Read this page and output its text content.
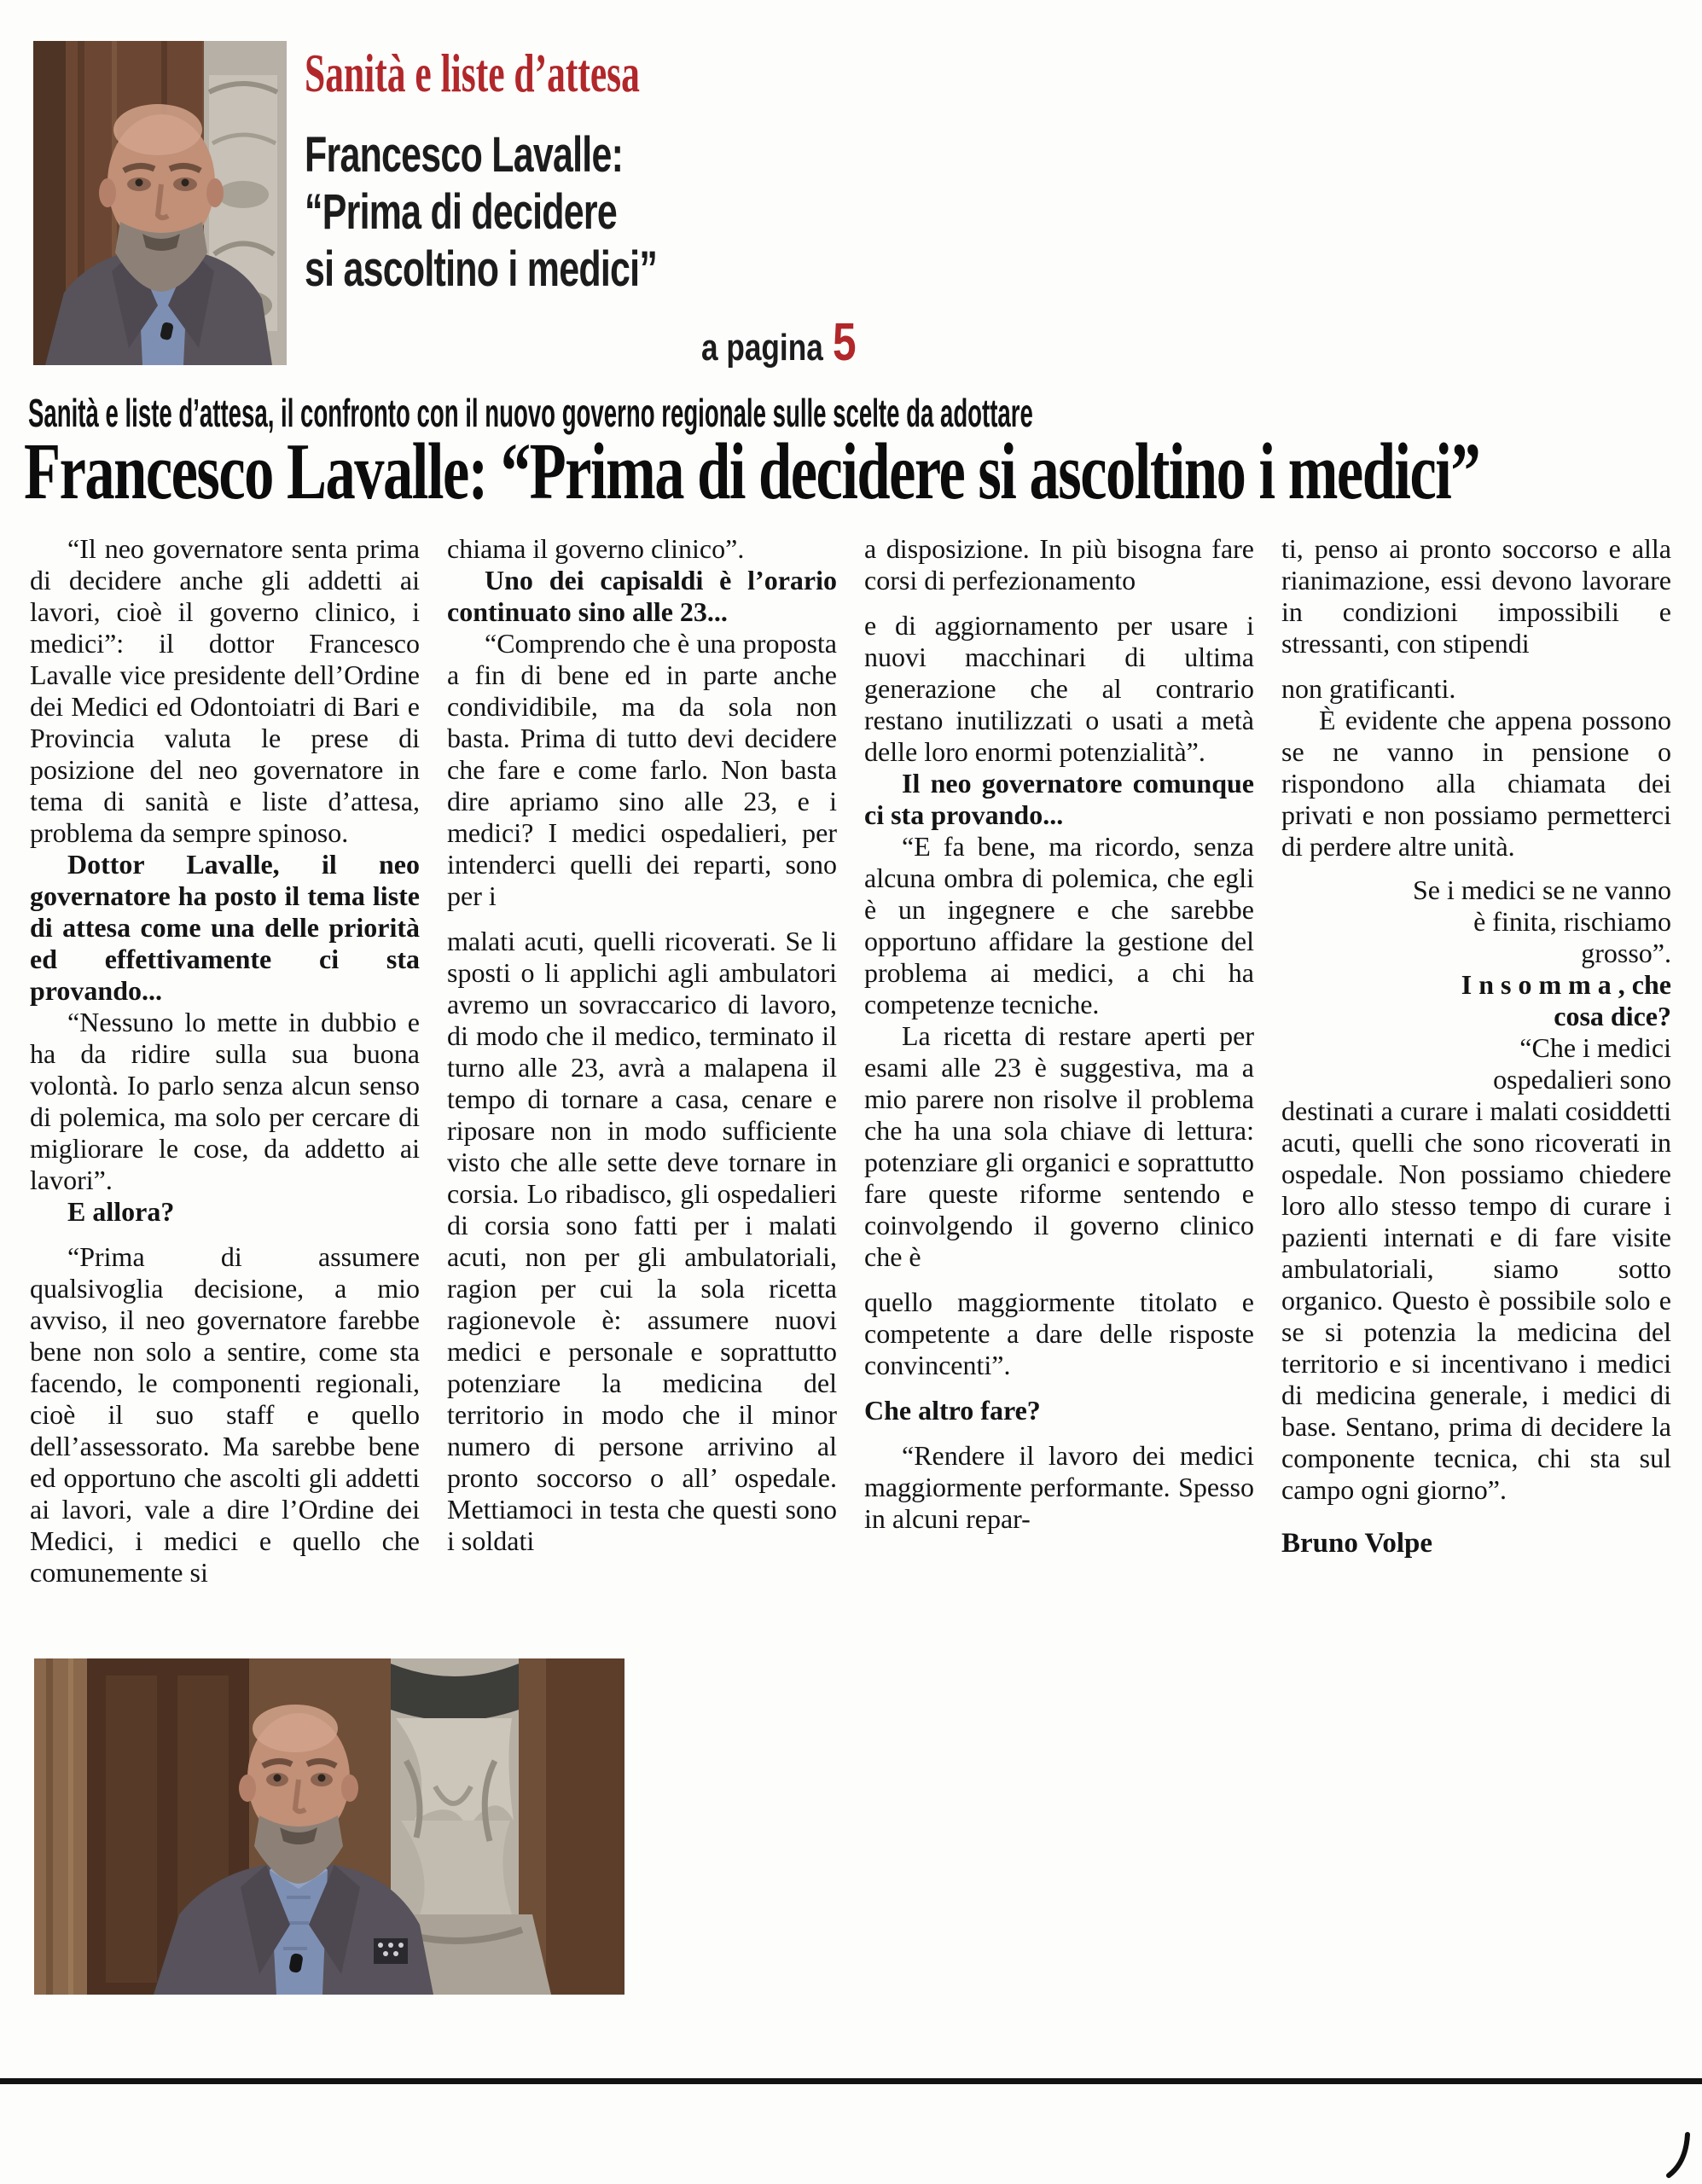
Sanità e liste d’attesa
Francesco Lavalle:
“Prima di decidere
si ascoltino i medici”
a pagina 5
Sanità e liste d’attesa, il confronto con il nuovo governo regionale sulle scelte da adottare
Francesco Lavalle: “Prima di decidere si ascoltino i medici”

“Il neo governatore senta prima di decidere anche gli addetti ai lavori, cioè il governo clinico, i medici”: il dottor Francesco Lavalle vice presidente dell’Ordine dei Medici ed Odontoiatri di Bari e Provincia valuta le prese di posizione del neo governatore in tema di sanità e liste d’attesa, problema da sempre spinoso.

Dottor Lavalle, il neo governatore ha posto il tema liste di attesa come una delle priorità ed effettivamente ci sta provando...

“Nessuno lo mette in dubbio e ha da ridire sulla sua buona volontà. Io parlo senza alcun senso di polemica, ma solo per cercare di migliorare le cose, da addetto ai lavori”.

E allora?

“Prima di assumere qualsivoglia decisione, a mio avviso, il neo governatore farebbe bene non solo a sentire, come sta facendo, le componenti regionali, cioè il suo staff e quello dell’assessorato. Ma sarebbe bene ed opportuno che ascolti gli addetti ai lavori, vale a dire l’Ordine dei Medici, i medici e quello che comunemente si

chiama il governo clinico”.

Uno dei capisaldi è l’orario continuato sino alle 23...

“Comprendo che è una proposta a fin di bene ed in parte anche condividibile, ma da sola non basta. Prima di tutto devi decidere che fare e come farlo. Non basta dire apriamo sino alle 23, e i medici? I medici ospedalieri, per intenderci quelli dei reparti, sono per i

malati acuti, quelli ricoverati. Se li sposti o li applichi agli ambulatori avremo un sovraccarico di lavoro, di modo che il medico, terminato il turno alle 23, avrà a malapena il tempo di tornare a casa, cenare e riposare non in modo sufficiente visto che alle sette deve tornare in corsia. Lo ribadisco, gli ospedalieri di corsia sono fatti per i malati acuti, non per gli ambulatoriali, ragion per cui la sola ricetta ragionevole è: assumere nuovi medici e personale e soprattutto potenziare la medicina del territorio in modo che il minor numero di persone arrivino al pronto soccorso o all’ ospedale. Mettiamoci in testa che questi sono i soldati

a disposizione. In più bisogna fare corsi di perfezionamento

e di aggiornamento per usare i nuovi macchinari di ultima generazione che al contrario restano inutilizzati o usati a metà delle loro enormi potenzialità”.

Il neo governatore comunque ci sta provando...

“E fa bene, ma ricordo, senza alcuna ombra di polemica, che egli è un ingegnere e che sarebbe opportuno affidare la gestione del problema ai medici, a chi ha competenze tecniche.

La ricetta di restare aperti per esami alle 23 è suggestiva, ma a mio parere non risolve il problema che ha una sola chiave di lettura: potenziare gli organici e soprattutto fare queste riforme sentendo e coinvolgendo il governo clinico che è

quello maggiormente titolato e competente a dare delle risposte convincenti”.

Che altro fare?

“Rendere il lavoro dei medici maggiormente performante. Spesso in alcuni repar-

ti, penso ai pronto soccorso e alla rianimazione, essi devono lavorare in condizioni impossibili e stressanti, con stipendi

non gratificanti.

È evidente che appena possono se ne vanno in pensione o rispondono alla chiamata dei privati e non possiamo permetterci di perdere altre unità.

Se i medici se ne vanno è finita, rischiamo grosso”.

I n s o m m a , che cosa dice?

“Che i medici ospedalieri sono

destinati a curare i malati cosiddetti acuti, quelli che sono ricoverati in ospedale. Non possiamo chiedere loro allo stesso tempo di curare i pazienti internati e di fare visite ambulatoriali, siamo sotto organico. Questo è possibile solo e se si potenzia la medicina del territorio e si incentivano i medici di medicina generale, i medici di base. Sentano, prima di decidere la componente tecnica, chi sta sul campo ogni giorno”.

Bruno Volpe
